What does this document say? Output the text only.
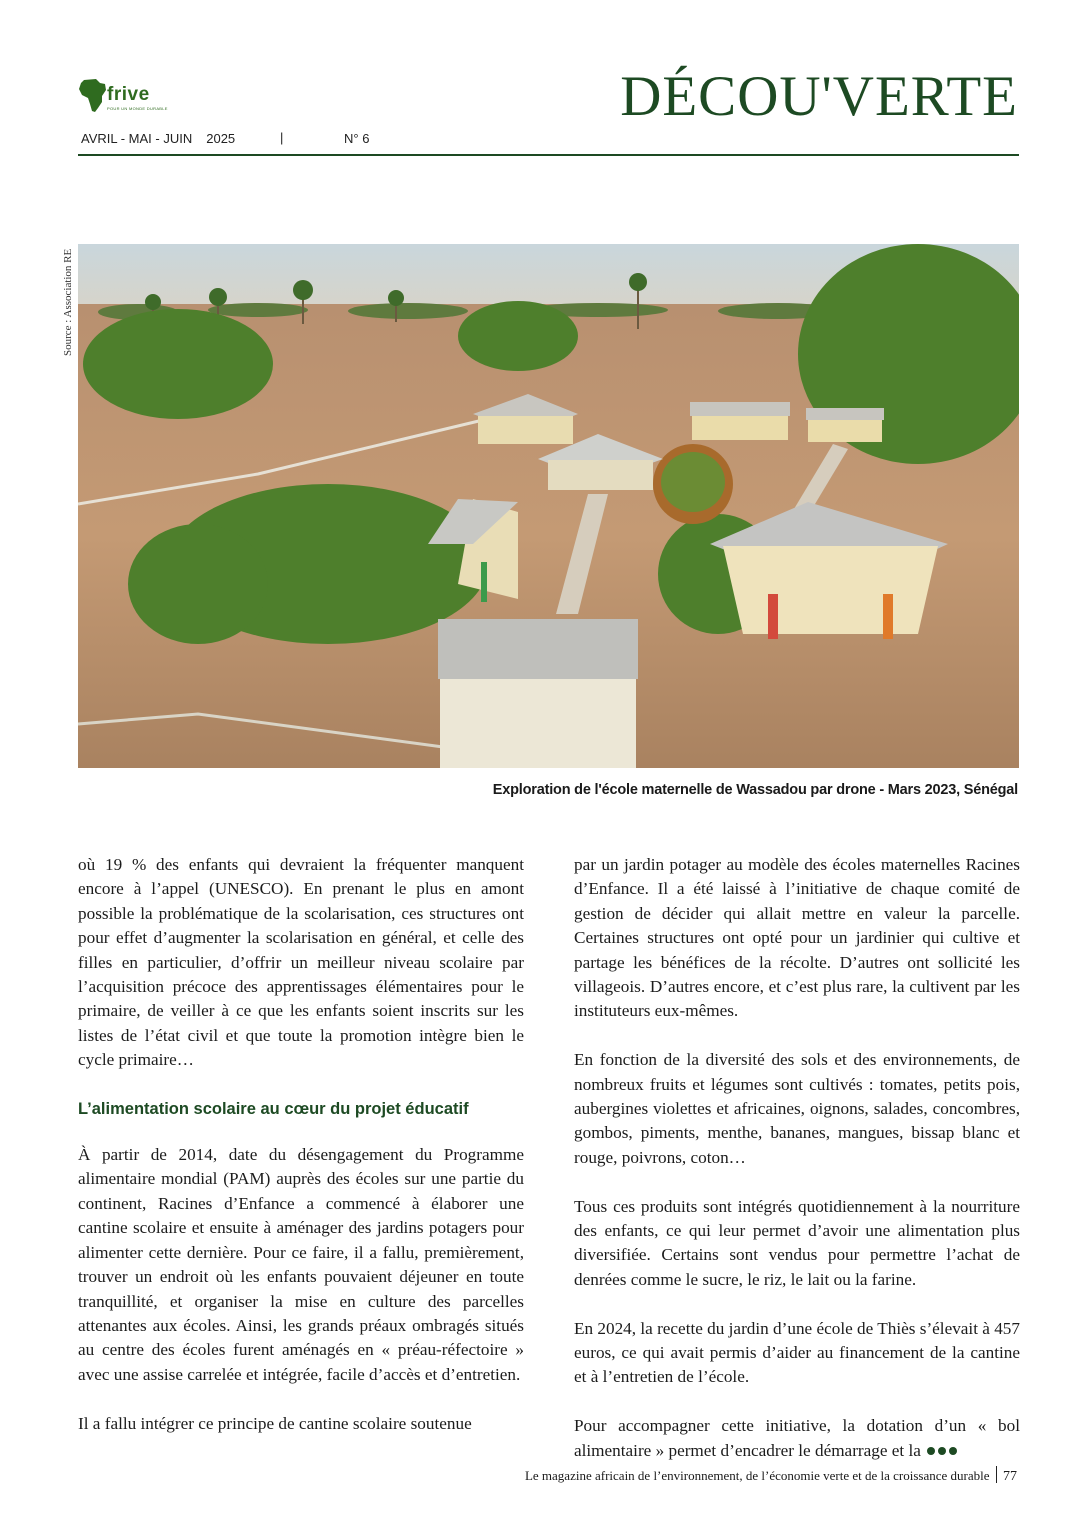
frive
POUR UN MONDE DURABLE
AVRIL - MAI - JUIN 2025	|	N° 6
DÉCOU'VERTE
Source : Association RE
Exploration de l'école maternelle de Wassadou par drone - Mars 2023, Sénégal

où 19 % des enfants qui devraient la fréquenter manquent encore à l’appel (UNESCO). En prenant le plus en amont possible la problématique de la scolarisation, ces structures ont pour effet d’augmenter la scolarisation en général, et celle des filles en particulier, d’offrir un meilleur niveau scolaire par l’acquisition précoce des apprentissages élémentaires pour le primaire, de veiller à ce que les enfants soient inscrits sur les listes de l’état civil et que toute la promotion intègre bien le cycle primaire…

L’alimentation scolaire au cœur du projet éducatif

À partir de 2014, date du désengagement du Programme alimentaire mondial (PAM) auprès des écoles sur une partie du continent, Racines d’Enfance a commencé à élaborer une cantine scolaire et ensuite à aménager des jardins potagers pour alimenter cette dernière. Pour ce faire, il a fallu, premièrement, trouver un endroit où les enfants pouvaient déjeuner en toute tranquillité, et organiser la mise en culture des parcelles attenantes aux écoles. Ainsi, les grands préaux ombragés situés au centre des écoles furent aménagés en « préau-réfectoire » avec une assise carrelée et intégrée, facile d’accès et d’entretien.

Il a fallu intégrer ce principe de cantine scolaire soutenue

par un jardin potager au modèle des écoles maternelles Racines d’Enfance. Il a été laissé à l’initiative de chaque comité de gestion de décider qui allait mettre en valeur la parcelle. Certaines structures ont opté pour un jardinier qui cultive et partage les bénéfices de la récolte. D’autres ont sollicité les villageois. D’autres encore, et c’est plus rare, la cultivent par les instituteurs eux-mêmes.

En fonction de la diversité des sols et des environnements, de nombreux fruits et légumes sont cultivés : tomates, petits pois, aubergines violettes et africaines, oignons, salades, concombres, gombos, piments, menthe, bananes, mangues, bissap blanc et rouge, poivrons, coton…

Tous ces produits sont intégrés quotidiennement à la nourriture des enfants, ce qui leur permet d’avoir une alimentation plus diversifiée. Certains sont vendus pour permettre l’achat de denrées comme le sucre, le riz, le lait ou la farine.

En 2024, la recette du jardin d’une école de Thiès s’élevait à 457 euros, ce qui avait permis d’aider au financement de la cantine et à l’entretien de l’école.

Pour accompagner cette initiative, la dotation d’un « bol alimentaire » permet d’encadrer le démarrage et la

Le magazine africain de l’environnement, de l’économie verte et de la croissance durable 77
